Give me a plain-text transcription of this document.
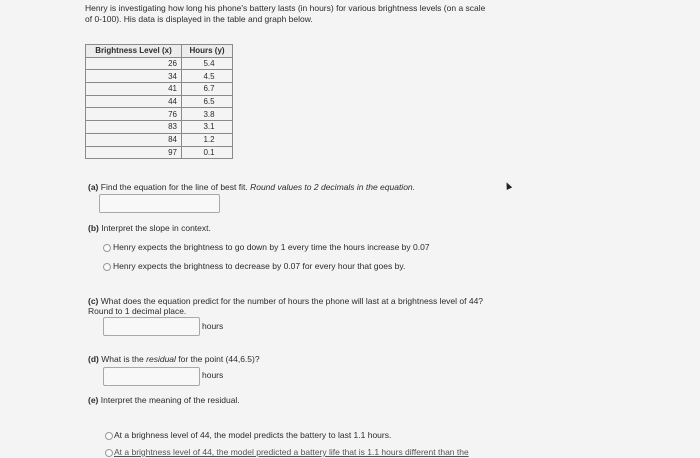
Henry is investigating how long his phone's battery lasts (in hours) for various brightness levels (on a scale
of 0-100). His data is displayed in the table and graph below.
Brightness Level (x)	Hours (y)
26	5.4
34	4.5
41	6.7
44	6.5
76	3.8
83	3.1
84	1.2
97	0.1
(a) Find the equation for the line of best fit. Round values to 2 decimals in the equation.
(b) Interpret the slope in context.
Henry expects the brightness to go down by 1 every time the hours increase by 0.07
Henry expects the brightness to decrease by 0.07 for every hour that goes by.
(c) What does the equation predict for the number of hours the phone will last at a brightness level of 44?
Round to 1 decimal place.
hours
(d) What is the residual for the point (44,6.5)?
hours
(e) Interpret the meaning of the residual.
At a brighness level of 44, the model predicts the battery to last 1.1 hours.
At a brightness level of 44, the model predicted a battery life that is 1.1 hours different than the
